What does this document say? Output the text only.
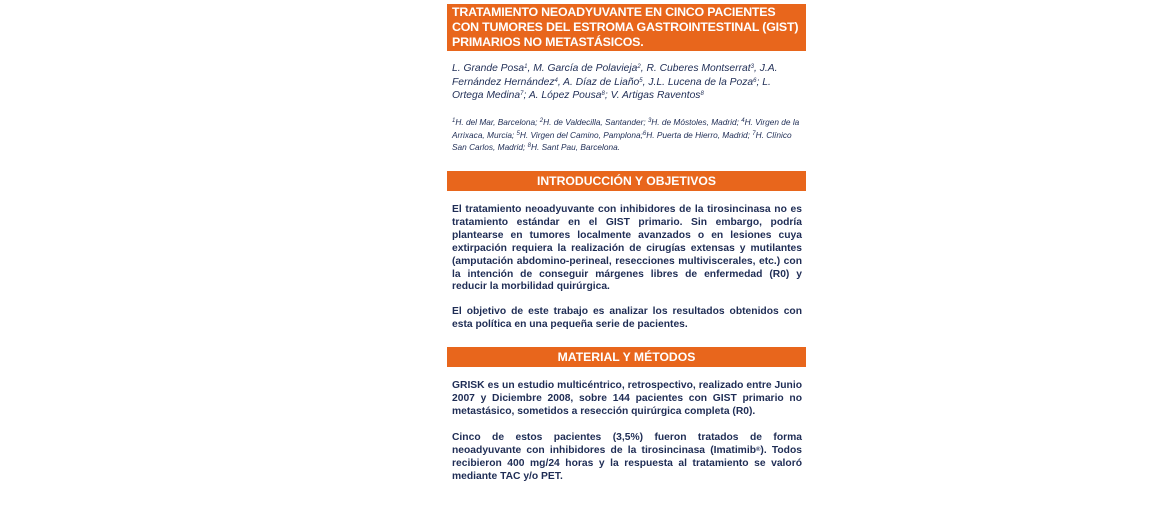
TRATAMIENTO NEOADYUVANTE EN CINCO PACIENTES CON TUMORES DEL ESTROMA GASTROINTESTINAL (GIST) PRIMARIOS NO METASTÁSICOS.
L. Grande Posa$^1$, M. García de Polavieja$^2$, R. Cuberes Montserrat$^3$, J.A. Fernández Hernández$^4$, A. Díaz de Liaño$^5$, J.L. Lucena de la Poza$^6$; L. Ortega Medina$^7$; A. López Pousa$^8$; V. Artigas Raventos$^8$
$^1$H. del Mar, Barcelona; $^2$H. de Valdecilla, Santander; $^3$H. de Móstoles, Madrid; $^4$H. Virgen de la Arrixaca, Murcia; $^5$H. Virgen del Camino, Pamplona;$^6$H. Puerta de Hierro, Madrid; $^7$H. Clínico San Carlos, Madrid; $^8$H. Sant Pau, Barcelona.
INTRODUCCIÓN Y OBJETIVOS
El tratamiento neoadyuvante con inhibidores de la tirosincinasa no es tratamiento estándar en el GIST primario. Sin embargo, podría plantearse en tumores localmente avanzados o en lesiones cuya extirpación requiera la realización de cirugías extensas y mutilantes (amputación abdomino-perineal, resecciones multiviscerales, etc.) con la intención de conseguir márgenes libres de enfermedad (R0) y reducir la morbilidad quirúrgica.
El objetivo de este trabajo es analizar los resultados obtenidos con esta política en una pequeña serie de pacientes.
MATERIAL Y MÉTODOS
GRISK es un estudio multicéntrico, retrospectivo, realizado entre Junio 2007 y Diciembre 2008, sobre 144 pacientes con GIST primario no metastásico, sometidos a resección quirúrgica completa (R0).
Cinco de estos pacientes (3,5%) fueron tratados de forma neoadyuvante con inhibidores de la tirosincinasa (Imatimib®). Todos recibieron 400 mg/24 horas y la respuesta al tratamiento se valoró mediante TAC y/o PET.
